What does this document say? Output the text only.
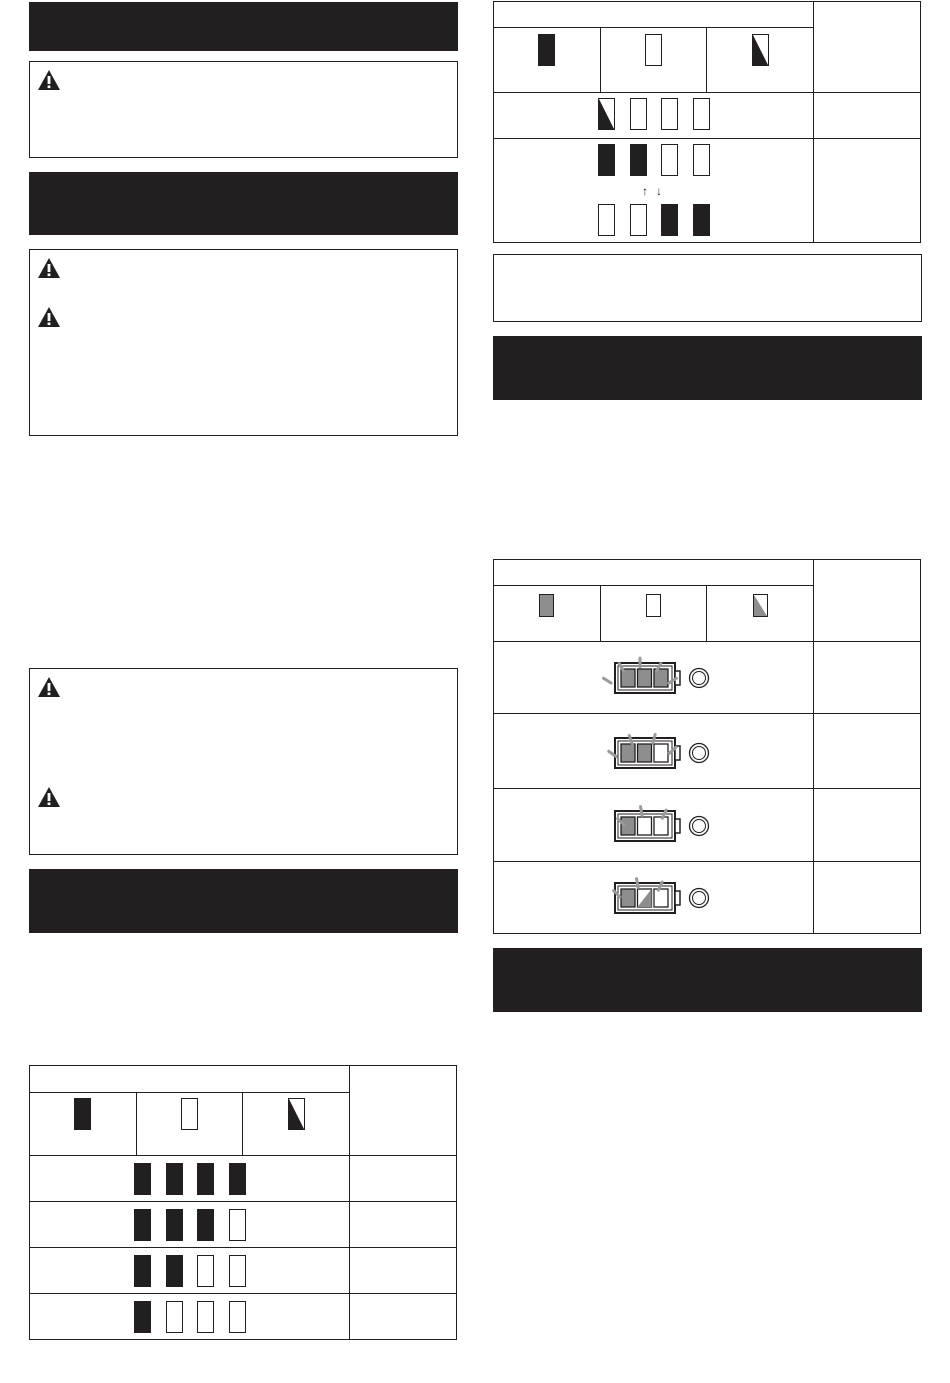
↑ ↓
